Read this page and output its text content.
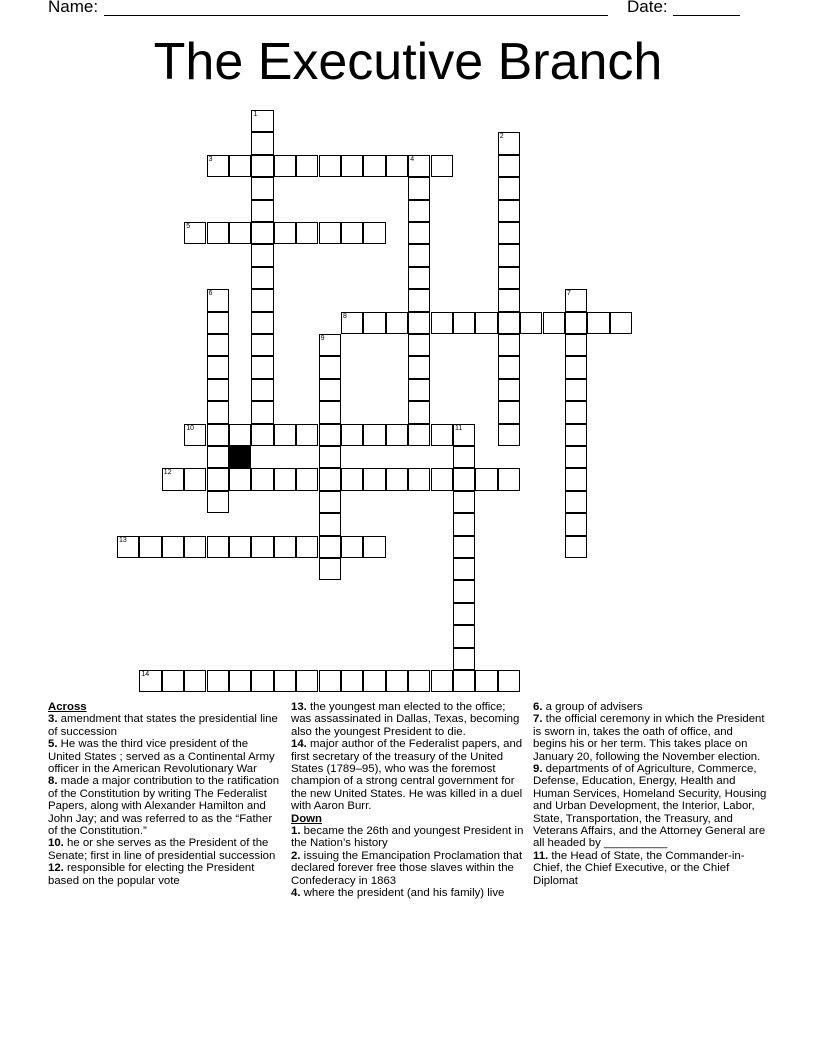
Name:	Date:
The Executive Branch
1
2
3	4
5
6	7
8
9
10	11
12
13
14
Across
3. amendment that states the presidential line of succession
5. He was the third vice president of the United States ; served as a Continental Army officer in the American Revolutionary War
8. made a major contribution to the ratification of the Constitution by writing The Federalist Papers, along with Alexander Hamilton and John Jay; and was referred to as the “Father of the Constitution.”
10. he or she serves as the President of the Senate; first in line of presidential succession
12. responsible for electing the President based on the popular vote
13. the youngest man elected to the office; was assassinated in Dallas, Texas, becoming also the youngest President to die.
14. major author of the Federalist papers, and first secretary of the treasury of the United States (1789–95), who was the foremost champion of a strong central government for the new United States. He was killed in a duel with Aaron Burr.
Down
1. became the 26th and youngest President in the Nation’s history
2. issuing the Emancipation Proclamation that declared forever free those slaves within the Confederacy in 1863
4. where the president (and his family) live
6. a group of advisers
7. the official ceremony in which the President is sworn in, takes the oath of office, and begins his or her term. This takes place on January 20, following the November election.
9. departments of of Agriculture, Commerce, Defense, Education, Energy, Health and Human Services, Homeland Security, Housing and Urban Development, the Interior, Labor, State, Transportation, the Treasury, and Veterans Affairs, and the Attorney General are all headed by __________
11. the Head of State, the Commander-in-Chief, the Chief Executive, or the Chief Diplomat
